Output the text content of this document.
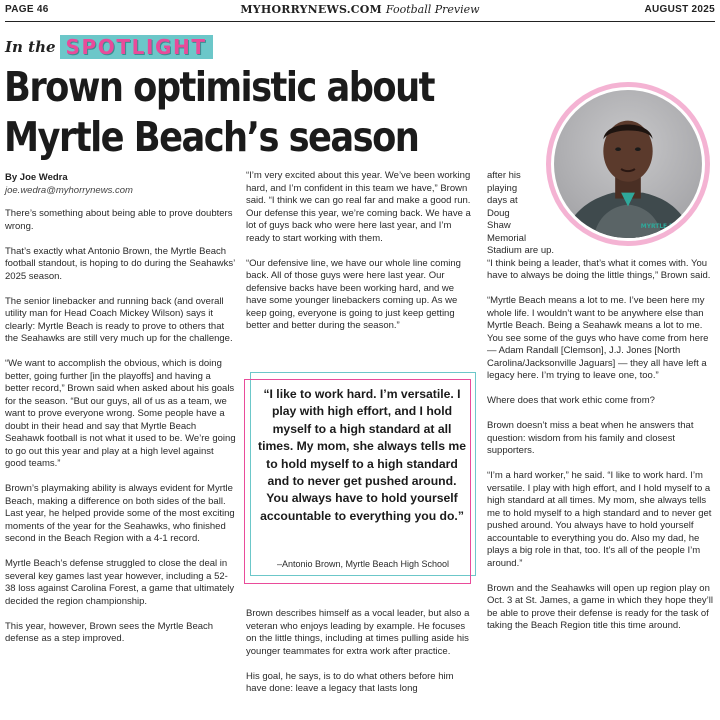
PAGE 46	MYHORRYNEWS.COM Football Preview	AUGUST 2025
In the SPOTLIGHT
Brown optimistic about
Myrtle Beach’s season
MYRTLE BEACH
By Joe Wedra
joe.wedra@myhorrynews.com

There’s something about being able to prove doubters wrong.

That’s exactly what Antonio Brown, the Myrtle Beach football standout, is hoping to do during the Seahawks’ 2025 season.

The senior linebacker and running back (and overall utility man for Head Coach Mickey Wilson) says it clearly: Myrtle Beach is ready to prove to others that the Seahawks are still very much up for the challenge.

“We want to accomplish the obvious, which is doing better, going further [in the playoffs] and having a better record,” Brown said when asked about his goals for the season. “But our guys, all of us as a team, we want to prove everyone wrong. Some people have a doubt in their head and say that Myrtle Beach Seahawk football is not what it used to be. We’re going to go out this year and play at a high level against good teams.”

Brown’s playmaking ability is always evident for Myrtle Beach, making a difference on both sides of the ball. Last year, he helped provide some of the most exciting moments of the year for the Seahawks, who finished second in the Beach Region with a 4-1 record.

Myrtle Beach’s defense struggled to close the deal in several key games last year however, including a 52-38 loss against Carolina Forest, a game that ultimately decided the region championship.

This year, however, Brown sees the Myrtle Beach defense as a step improved.

“I’m very excited about this year. We’ve been working hard, and I’m confident in this team we have,” Brown said. “I think we can go real far and make a good run. Our defense this year, we’re coming back. We have a lot of guys back who were here last year, and I’m ready to start working with them.

“Our defensive line, we have our whole line coming back. All of those guys were here last year. Our defensive backs have been working hard, and we have some younger linebackers coming up. As we keep going, everyone is going to just keep getting better and better during the season.”

“I like to work hard. I’m versatile. I play with high effort, and I hold myself to a high standard at all times. My mom, she always tells me to hold myself to a high standard and to never get pushed around. You always have to hold yourself accountable to everything you do.”
–Antonio Brown, Myrtle Beach High School

Brown describes himself as a vocal leader, but also a veteran who enjoys leading by example. He focuses on the little things, including at times pulling aside his younger teammates for extra work after practice.

His goal, he says, is to do what others before him have done: leave a legacy that lasts long

after his
playing
days at
Doug
Shaw
Memorial
Stadium are up.

“I think being a leader, that’s what it comes with. You have to always be doing the little things,” Brown said.

“Myrtle Beach means a lot to me. I’ve been here my whole life. I wouldn’t want to be anywhere else than Myrtle Beach. Being a Seahawk means a lot to me. You see some of the guys who have come from here — Adam Randall [Clemson], J.J. Jones [North Carolina/Jacksonville Jaguars] — they all have left a legacy here. I’m trying to leave one, too.”

Where does that work ethic come from?

Brown doesn’t miss a beat when he answers that question: wisdom from his family and closest supporters.

“I’m a hard worker,” he said. “I like to work hard. I’m versatile. I play with high effort, and I hold myself to a high standard at all times. My mom, she always tells me to hold myself to a high standard and to never get pushed around. You always have to hold yourself accountable to everything you do. Also my dad, he plays a big role in that, too. It’s all of the people I’m around.”

Brown and the Seahawks will open up region play on Oct. 3 at St. James, a game in which they hope they’ll be able to prove their defense is ready for the task of taking the Beach Region title this time around.
